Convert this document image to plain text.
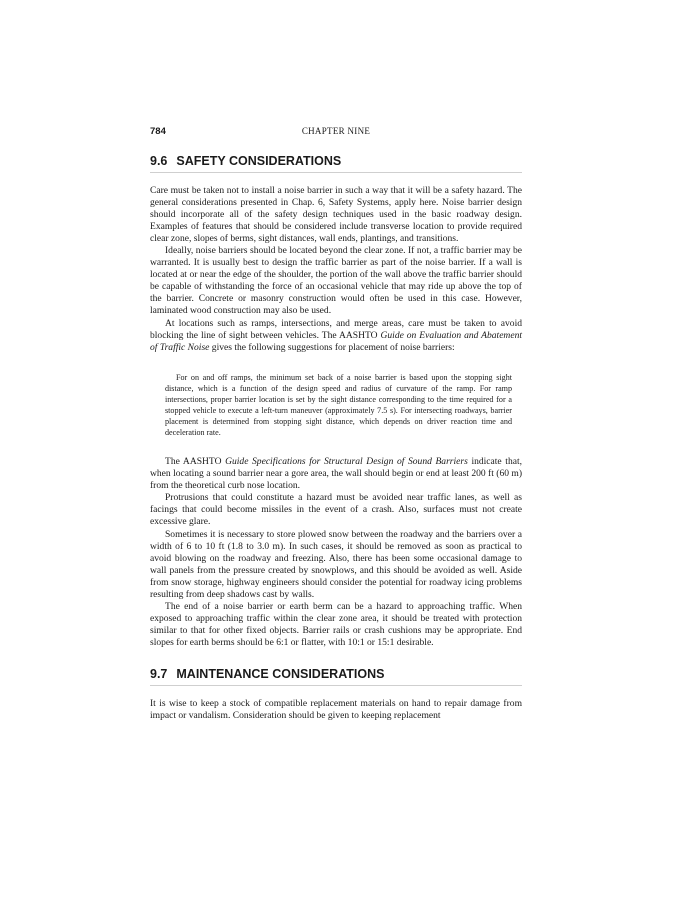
784	CHAPTER NINE
9.6 SAFETY CONSIDERATIONS

Care must be taken not to install a noise barrier in such a way that it will be a safety hazard. The general considerations presented in Chap. 6, Safety Systems, apply here. Noise barrier design should incorporate all of the safety design techniques used in the basic roadway design. Examples of features that should be considered include transverse location to provide required clear zone, slopes of berms, sight distances, wall ends, plantings, and transitions.

Ideally, noise barriers should be located beyond the clear zone. If not, a traffic barrier may be warranted. It is usually best to design the traffic barrier as part of the noise barrier. If a wall is located at or near the edge of the shoulder, the portion of the wall above the traffic barrier should be capable of withstanding the force of an occasional vehicle that may ride up above the top of the barrier. Concrete or masonry construction would often be used in this case. However, laminated wood construction may also be used.

At locations such as ramps, intersections, and merge areas, care must be taken to avoid blocking the line of sight between vehicles. The AASHTO Guide on Evaluation and Abatement of Traffic Noise gives the following suggestions for placement of noise barriers:

For on and off ramps, the minimum set back of a noise barrier is based upon the stopping sight distance, which is a function of the design speed and radius of curvature of the ramp. For ramp intersections, proper barrier location is set by the sight distance corresponding to the time required for a stopped vehicle to execute a left-turn maneuver (approximately 7.5 s). For intersecting roadways, barrier placement is determined from stopping sight distance, which depends on driver reaction time and deceleration rate.

The AASHTO Guide Specifications for Structural Design of Sound Barriers indicate that, when locating a sound barrier near a gore area, the wall should begin or end at least 200 ft (60 m) from the theoretical curb nose location.

Protrusions that could constitute a hazard must be avoided near traffic lanes, as well as facings that could become missiles in the event of a crash. Also, surfaces must not create excessive glare.

Sometimes it is necessary to store plowed snow between the roadway and the barriers over a width of 6 to 10 ft (1.8 to 3.0 m). In such cases, it should be removed as soon as practical to avoid blowing on the roadway and freezing. Also, there has been some occasional damage to wall panels from the pressure created by snowplows, and this should be avoided as well. Aside from snow storage, highway engineers should consider the potential for roadway icing problems resulting from deep shadows cast by walls.

The end of a noise barrier or earth berm can be a hazard to approaching traffic. When exposed to approaching traffic within the clear zone area, it should be treated with protection similar to that for other fixed objects. Barrier rails or crash cushions may be appropriate. End slopes for earth berms should be 6:1 or flatter, with 10:1 or 15:1 desirable.

9.7 MAINTENANCE CONSIDERATIONS

It is wise to keep a stock of compatible replacement materials on hand to repair damage from impact or vandalism. Consideration should be given to keeping replacement
